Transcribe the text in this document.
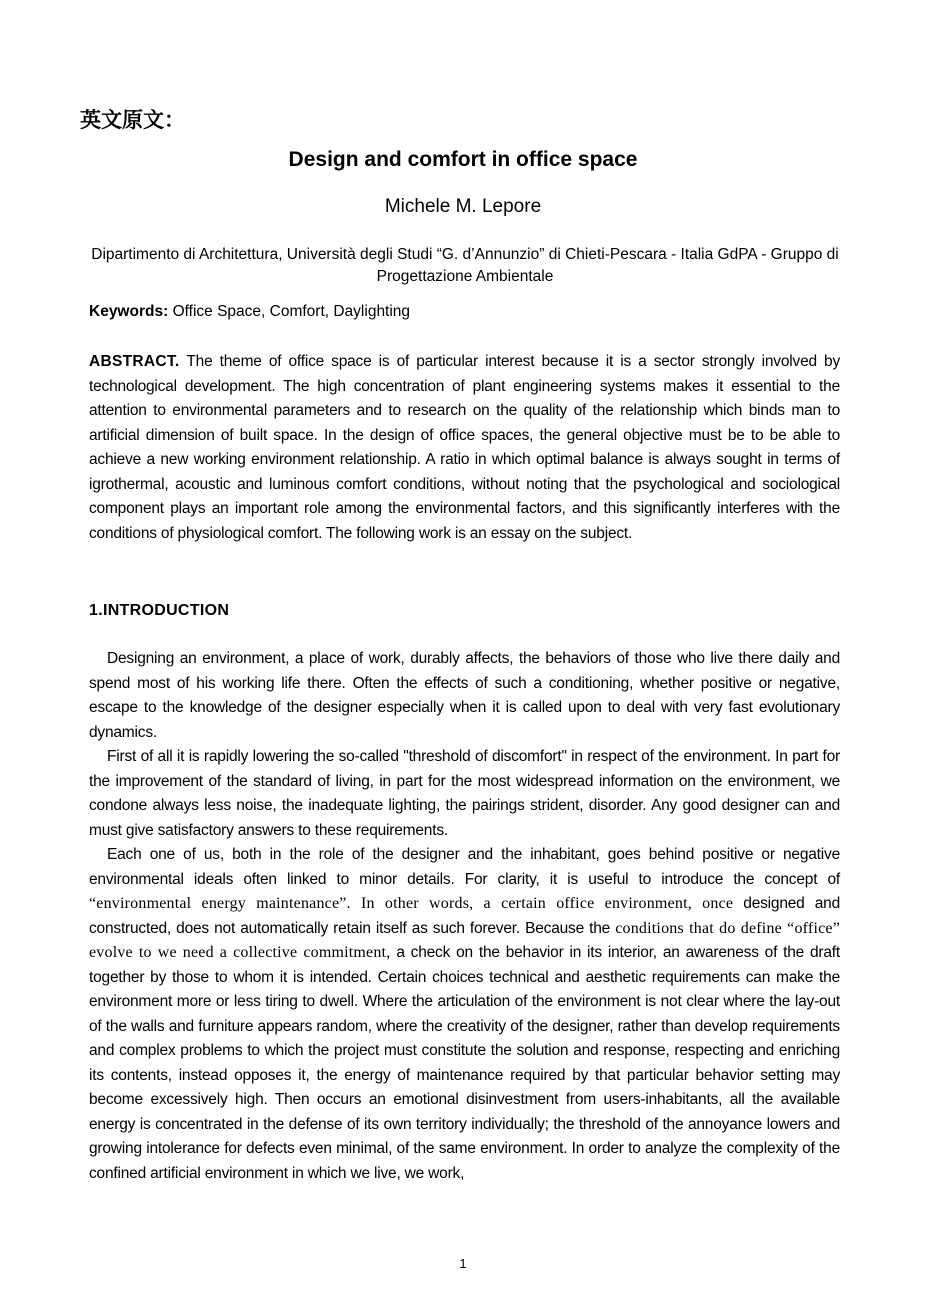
英文原文：
Design and comfort in office space
Michele M. Lepore
Dipartimento di Architettura, Università degli Studi “G. d’Annunzio” di Chieti-Pescara - Italia GdPA - Gruppo di Progettazione Ambientale
Keywords: Office Space, Comfort, Daylighting
ABSTRACT. The theme of office space is of particular interest because it is a sector strongly involved by technological development. The high concentration of plant engineering systems makes it essential to the attention to environmental parameters and to research on the quality of the relationship which binds man to artificial dimension of built space. In the design of office spaces, the general objective must be to be able to achieve a new working environment relationship. A ratio in which optimal balance is always sought in terms of igrothermal, acoustic and luminous comfort conditions, without noting that the psychological and sociological component plays an important role among the environmental factors, and this significantly interferes with the conditions of physiological comfort. The following work is an essay on the subject.
1.INTRODUCTION

Designing an environment, a place of work, durably affects, the behaviors of those who live there daily and spend most of his working life there. Often the effects of such a conditioning, whether positive or negative, escape to the knowledge of the designer especially when it is called upon to deal with very fast evolutionary dynamics.

First of all it is rapidly lowering the so-called "threshold of discomfort" in respect of the environment. In part for the improvement of the standard of living, in part for the most widespread information on the environment, we condone always less noise, the inadequate lighting, the pairings strident, disorder. Any good designer can and must give satisfactory answers to these requirements.

Each one of us, both in the role of the designer and the inhabitant, goes behind positive or negative environmental ideals often linked to minor details. For clarity, it is useful to introduce the concept of “environmental energy maintenance”. In other words, a certain office environment, once designed and constructed, does not automatically retain itself as such forever. Because the conditions that do define “office” evolve to we need a collective commitment, a check on the behavior in its interior, an awareness of the draft together by those to whom it is intended. Certain choices technical and aesthetic requirements can make the environment more or less tiring to dwell. Where the articulation of the environment is not clear where the lay-out of the walls and furniture appears random, where the creativity of the designer, rather than develop requirements and complex problems to which the project must constitute the solution and response, respecting and enriching its contents, instead opposes it, the energy of maintenance required by that particular behavior setting may become excessively high. Then occurs an emotional disinvestment from users-inhabitants, all the available energy is concentrated in the defense of its own territory individually; the threshold of the annoyance lowers and growing intolerance for defects even minimal, of the same environment. In order to analyze the complexity of the confined artificial environment in which we live, we work,

1
